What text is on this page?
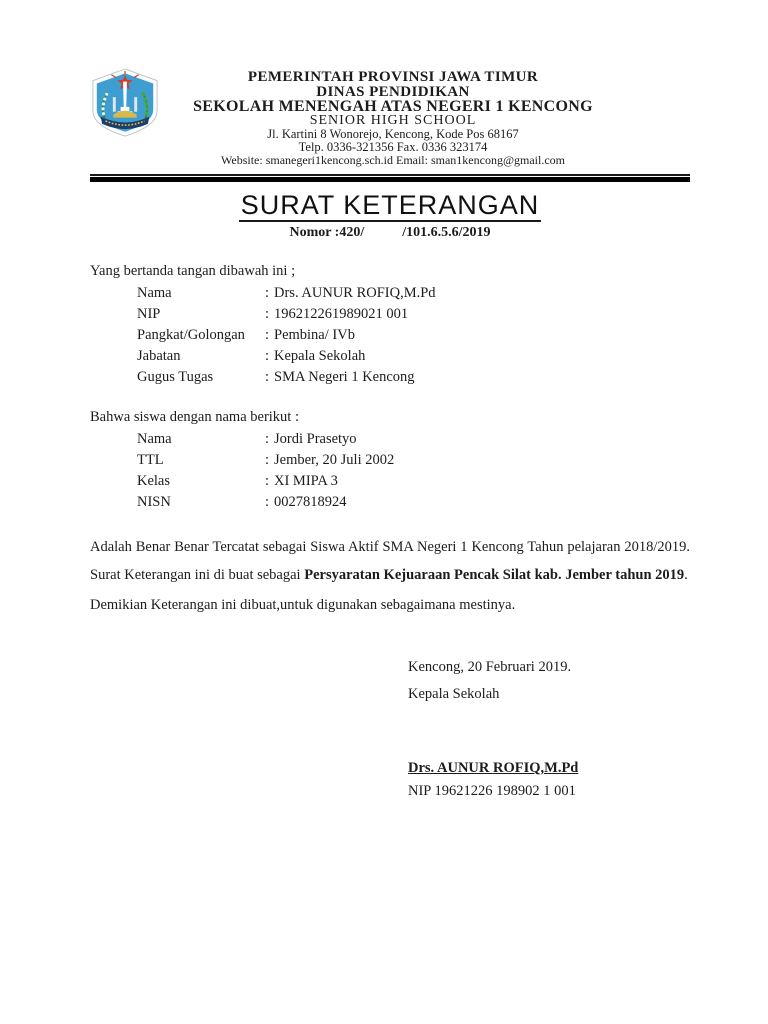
PEMERINTAH PROVINSI JAWA TIMUR
DINAS PENDIDIKAN
SEKOLAH MENENGAH ATAS NEGERI 1 KENCONG
SENIOR HIGH SCHOOL
Jl. Kartini 8 Wonorejo, Kencong, Kode Pos 68167
Telp. 0336-321356 Fax. 0336 323174
Website: smanegeri1kencong.sch.id Email: sman1kencong@gmail.com
SURAT KETERANGAN
Nomor :420/	/101.6.5.6/2019
Yang bertanda tangan dibawah ini ;
Nama	: Drs. AUNUR ROFIQ,M.Pd
NIP	: 196212261989021 001
Pangkat/Golongan	: Pembina/ IVb
Jabatan	: Kepala Sekolah
Gugus Tugas	: SMA Negeri 1 Kencong
Bahwa siswa dengan nama berikut :
Nama	: Jordi Prasetyo
TTL	: Jember, 20 Juli 2002
Kelas	: XI MIPA 3
NISN	: 0027818924
Adalah Benar Benar Tercatat sebagai Siswa Aktif SMA Negeri 1 Kencong Tahun pelajaran 2018/2019. Surat Keterangan ini di buat sebagai Persyaratan Kejuaraan Pencak Silat kab. Jember tahun 2019.
Demikian Keterangan ini dibuat,untuk digunakan sebagaimana mestinya.
Kencong, 20 Februari 2019.
Kepala Sekolah
Drs. AUNUR ROFIQ,M.Pd
NIP 19621226 198902 1 001
